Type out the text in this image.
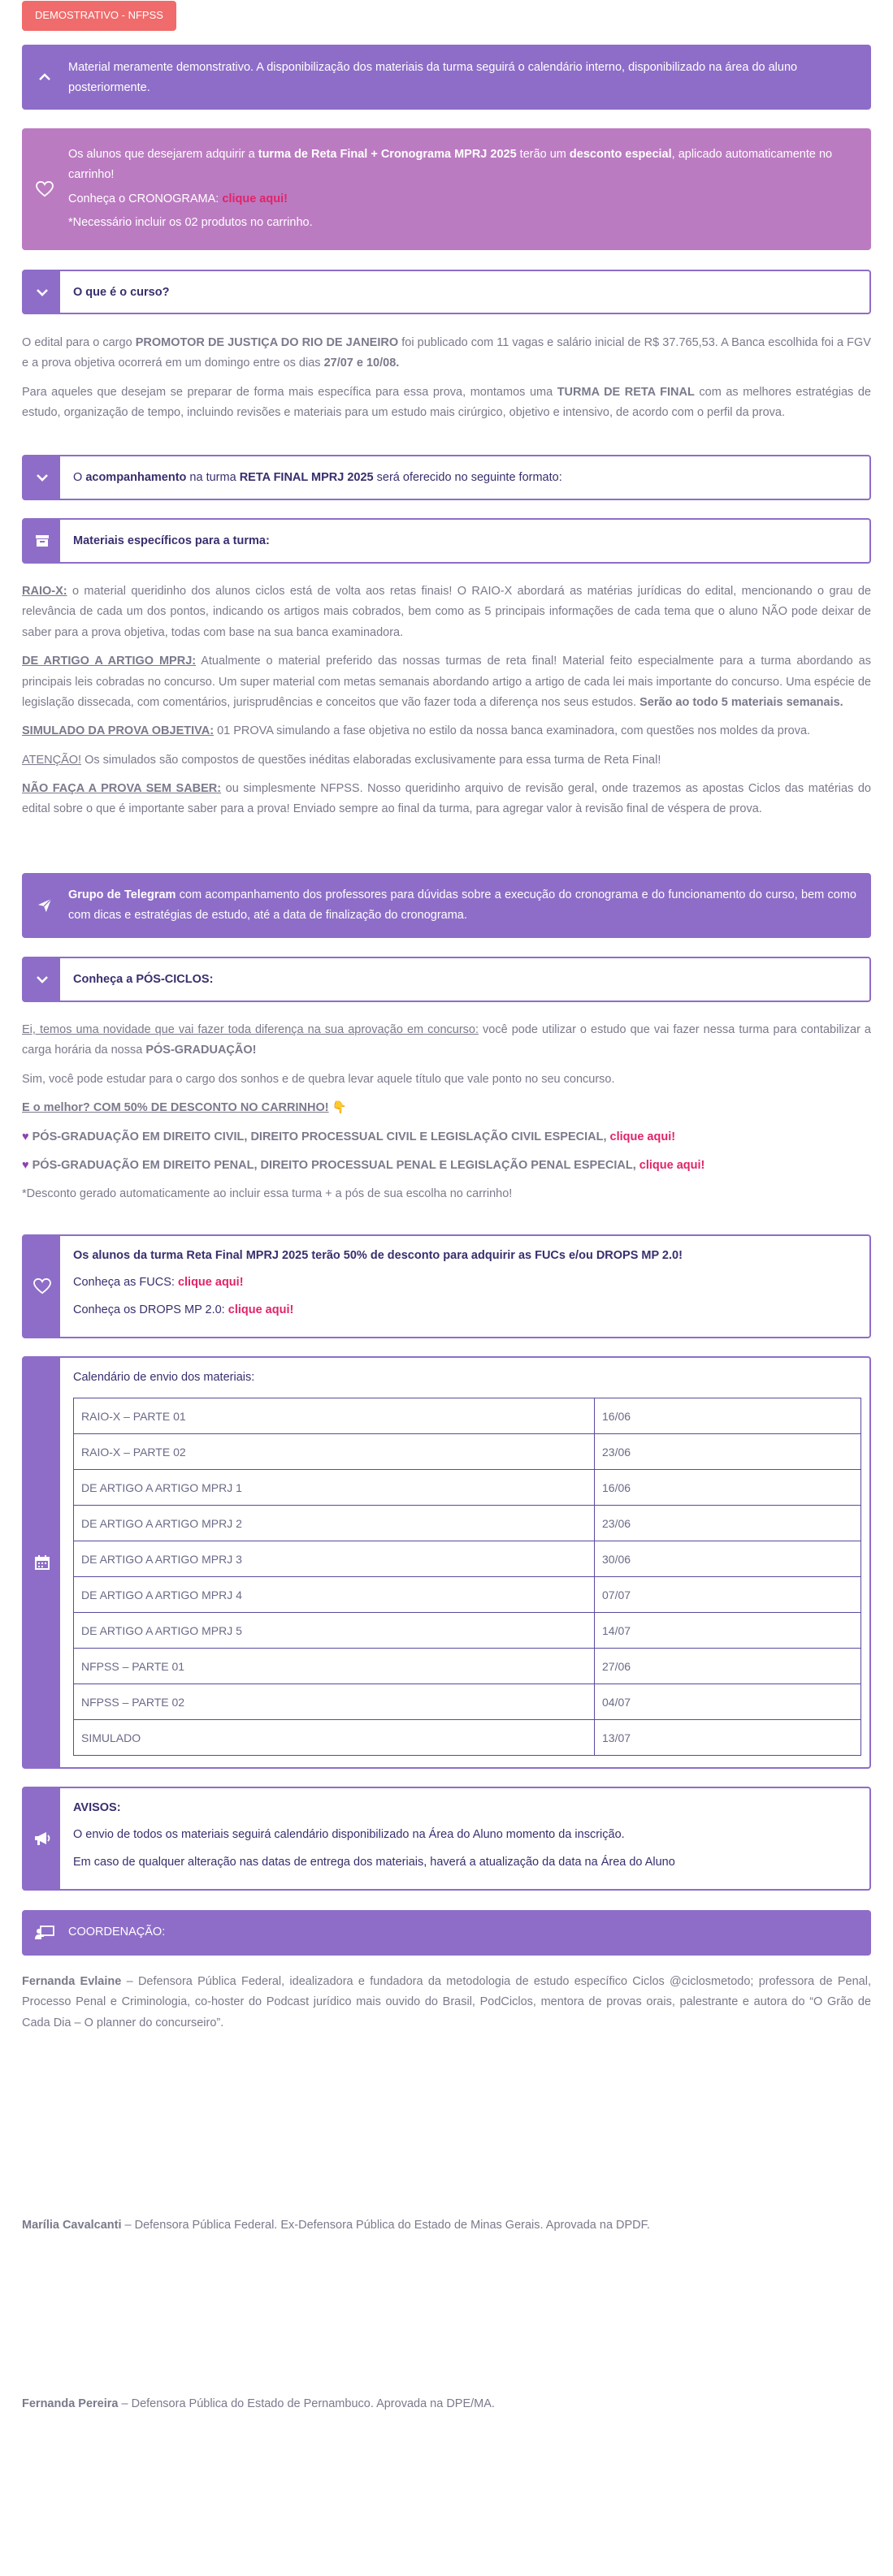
DEMOSTRATIVO - NFPSS
Material meramente demonstrativo. A disponibilização dos materiais da turma seguirá o calendário interno, disponibilizado na área do aluno posteriormente.

Os alunos que desejarem adquirir a turma de Reta Final + Cronograma MPRJ 2025 terão um desconto especial, aplicado automaticamente no carrinho!

Conheça o CRONOGRAMA: clique aqui!

*Necessário incluir os 02 produtos no carrinho.

O que é o curso?

O edital para o cargo PROMOTOR DE JUSTIÇA DO RIO DE JANEIRO foi publicado com 11 vagas e salário inicial de R$ 37.765,53. A Banca escolhida foi a FGV e a prova objetiva ocorrerá em um domingo entre os dias 27/07 e 10/08.

Para aqueles que desejam se preparar de forma mais específica para essa prova, montamos uma TURMA DE RETA FINAL com as melhores estratégias de estudo, organização de tempo, incluindo revisões e materiais para um estudo mais cirúrgico, objetivo e intensivo, de acordo com o perfil da prova.

O acompanhamento na turma RETA FINAL MPRJ 2025 será oferecido no seguinte formato:
Materiais específicos para a turma:

RAIO-X: o material queridinho dos alunos ciclos está de volta aos retas finais! O RAIO-X abordará as matérias jurídicas do edital, mencionando o grau de relevância de cada um dos pontos, indicando os artigos mais cobrados, bem como as 5 principais informações de cada tema que o aluno NÃO pode deixar de saber para a prova objetiva, todas com base na sua banca examinadora.

DE ARTIGO A ARTIGO MPRJ: Atualmente o material preferido das nossas turmas de reta final! Material feito especialmente para a turma abordando as principais leis cobradas no concurso. Um super material com metas semanais abordando artigo a artigo de cada lei mais importante do concurso. Uma espécie de legislação dissecada, com comentários, jurisprudências e conceitos que vão fazer toda a diferença nos seus estudos. Serão ao todo 5 materiais semanais.

SIMULADO DA PROVA OBJETIVA: 01 PROVA simulando a fase objetiva no estilo da nossa banca examinadora, com questões nos moldes da prova.

ATENÇÃO! Os simulados são compostos de questões inéditas elaboradas exclusivamente para essa turma de Reta Final!

NÃO FAÇA A PROVA SEM SABER: ou simplesmente NFPSS. Nosso queridinho arquivo de revisão geral, onde trazemos as apostas Ciclos das matérias do edital sobre o que é importante saber para a prova! Enviado sempre ao final da turma, para agregar valor à revisão final de véspera de prova.

Grupo de Telegram com acompanhamento dos professores para dúvidas sobre a execução do cronograma e do funcionamento do curso, bem como com dicas e estratégias de estudo, até a data de finalização do cronograma.
Conheça a PÓS-CICLOS:

Ei, temos uma novidade que vai fazer toda diferença na sua aprovação em concurso: você pode utilizar o estudo que vai fazer nessa turma para contabilizar a carga horária da nossa PÓS-GRADUAÇÃO!

Sim, você pode estudar para o cargo dos sonhos e de quebra levar aquele título que vale ponto no seu concurso.

E o melhor? COM 50% DE DESCONTO NO CARRINHO! 👇

♥ PÓS-GRADUAÇÃO EM DIREITO CIVIL, DIREITO PROCESSUAL CIVIL E LEGISLAÇÃO CIVIL ESPECIAL, clique aqui!

♥ PÓS-GRADUAÇÃO EM DIREITO PENAL, DIREITO PROCESSUAL PENAL E LEGISLAÇÃO PENAL ESPECIAL, clique aqui!

*Desconto gerado automaticamente ao incluir essa turma + a pós de sua escolha no carrinho!

Os alunos da turma Reta Final MPRJ 2025 terão 50% de desconto para adquirir as FUCs e/ou DROPS MP 2.0!

Conheça as FUCS: clique aqui!

Conheça os DROPS MP 2.0: clique aqui!

Calendário de envio dos materiais:

RAIO-X – PARTE 01	16/06
RAIO-X – PARTE 02	23/06
DE ARTIGO A ARTIGO MPRJ 1	16/06
DE ARTIGO A ARTIGO MPRJ 2	23/06
DE ARTIGO A ARTIGO MPRJ 3	30/06
DE ARTIGO A ARTIGO MPRJ 4	07/07
DE ARTIGO A ARTIGO MPRJ 5	14/07
NFPSS – PARTE 01	27/06
NFPSS – PARTE 02	04/07
SIMULADO	13/07

AVISOS:

O envio de todos os materiais seguirá calendário disponibilizado na Área do Aluno momento da inscrição.

Em caso de qualquer alteração nas datas de entrega dos materiais, haverá a atualização da data na Área do Aluno

COORDENAÇÃO:

Fernanda Evlaine – Defensora Pública Federal, idealizadora e fundadora da metodologia de estudo específico Ciclos @ciclosmetodo; professora de Penal, Processo Penal e Criminologia, co-hoster do Podcast jurídico mais ouvido do Brasil, PodCiclos, mentora de provas orais, palestrante e autora do “O Grão de Cada Dia – O planner do concurseiro”.

Marília Cavalcanti – Defensora Pública Federal. Ex-Defensora Pública do Estado de Minas Gerais. Aprovada na DPDF.

Fernanda Pereira – Defensora Pública do Estado de Pernambuco. Aprovada na DPE/MA.
